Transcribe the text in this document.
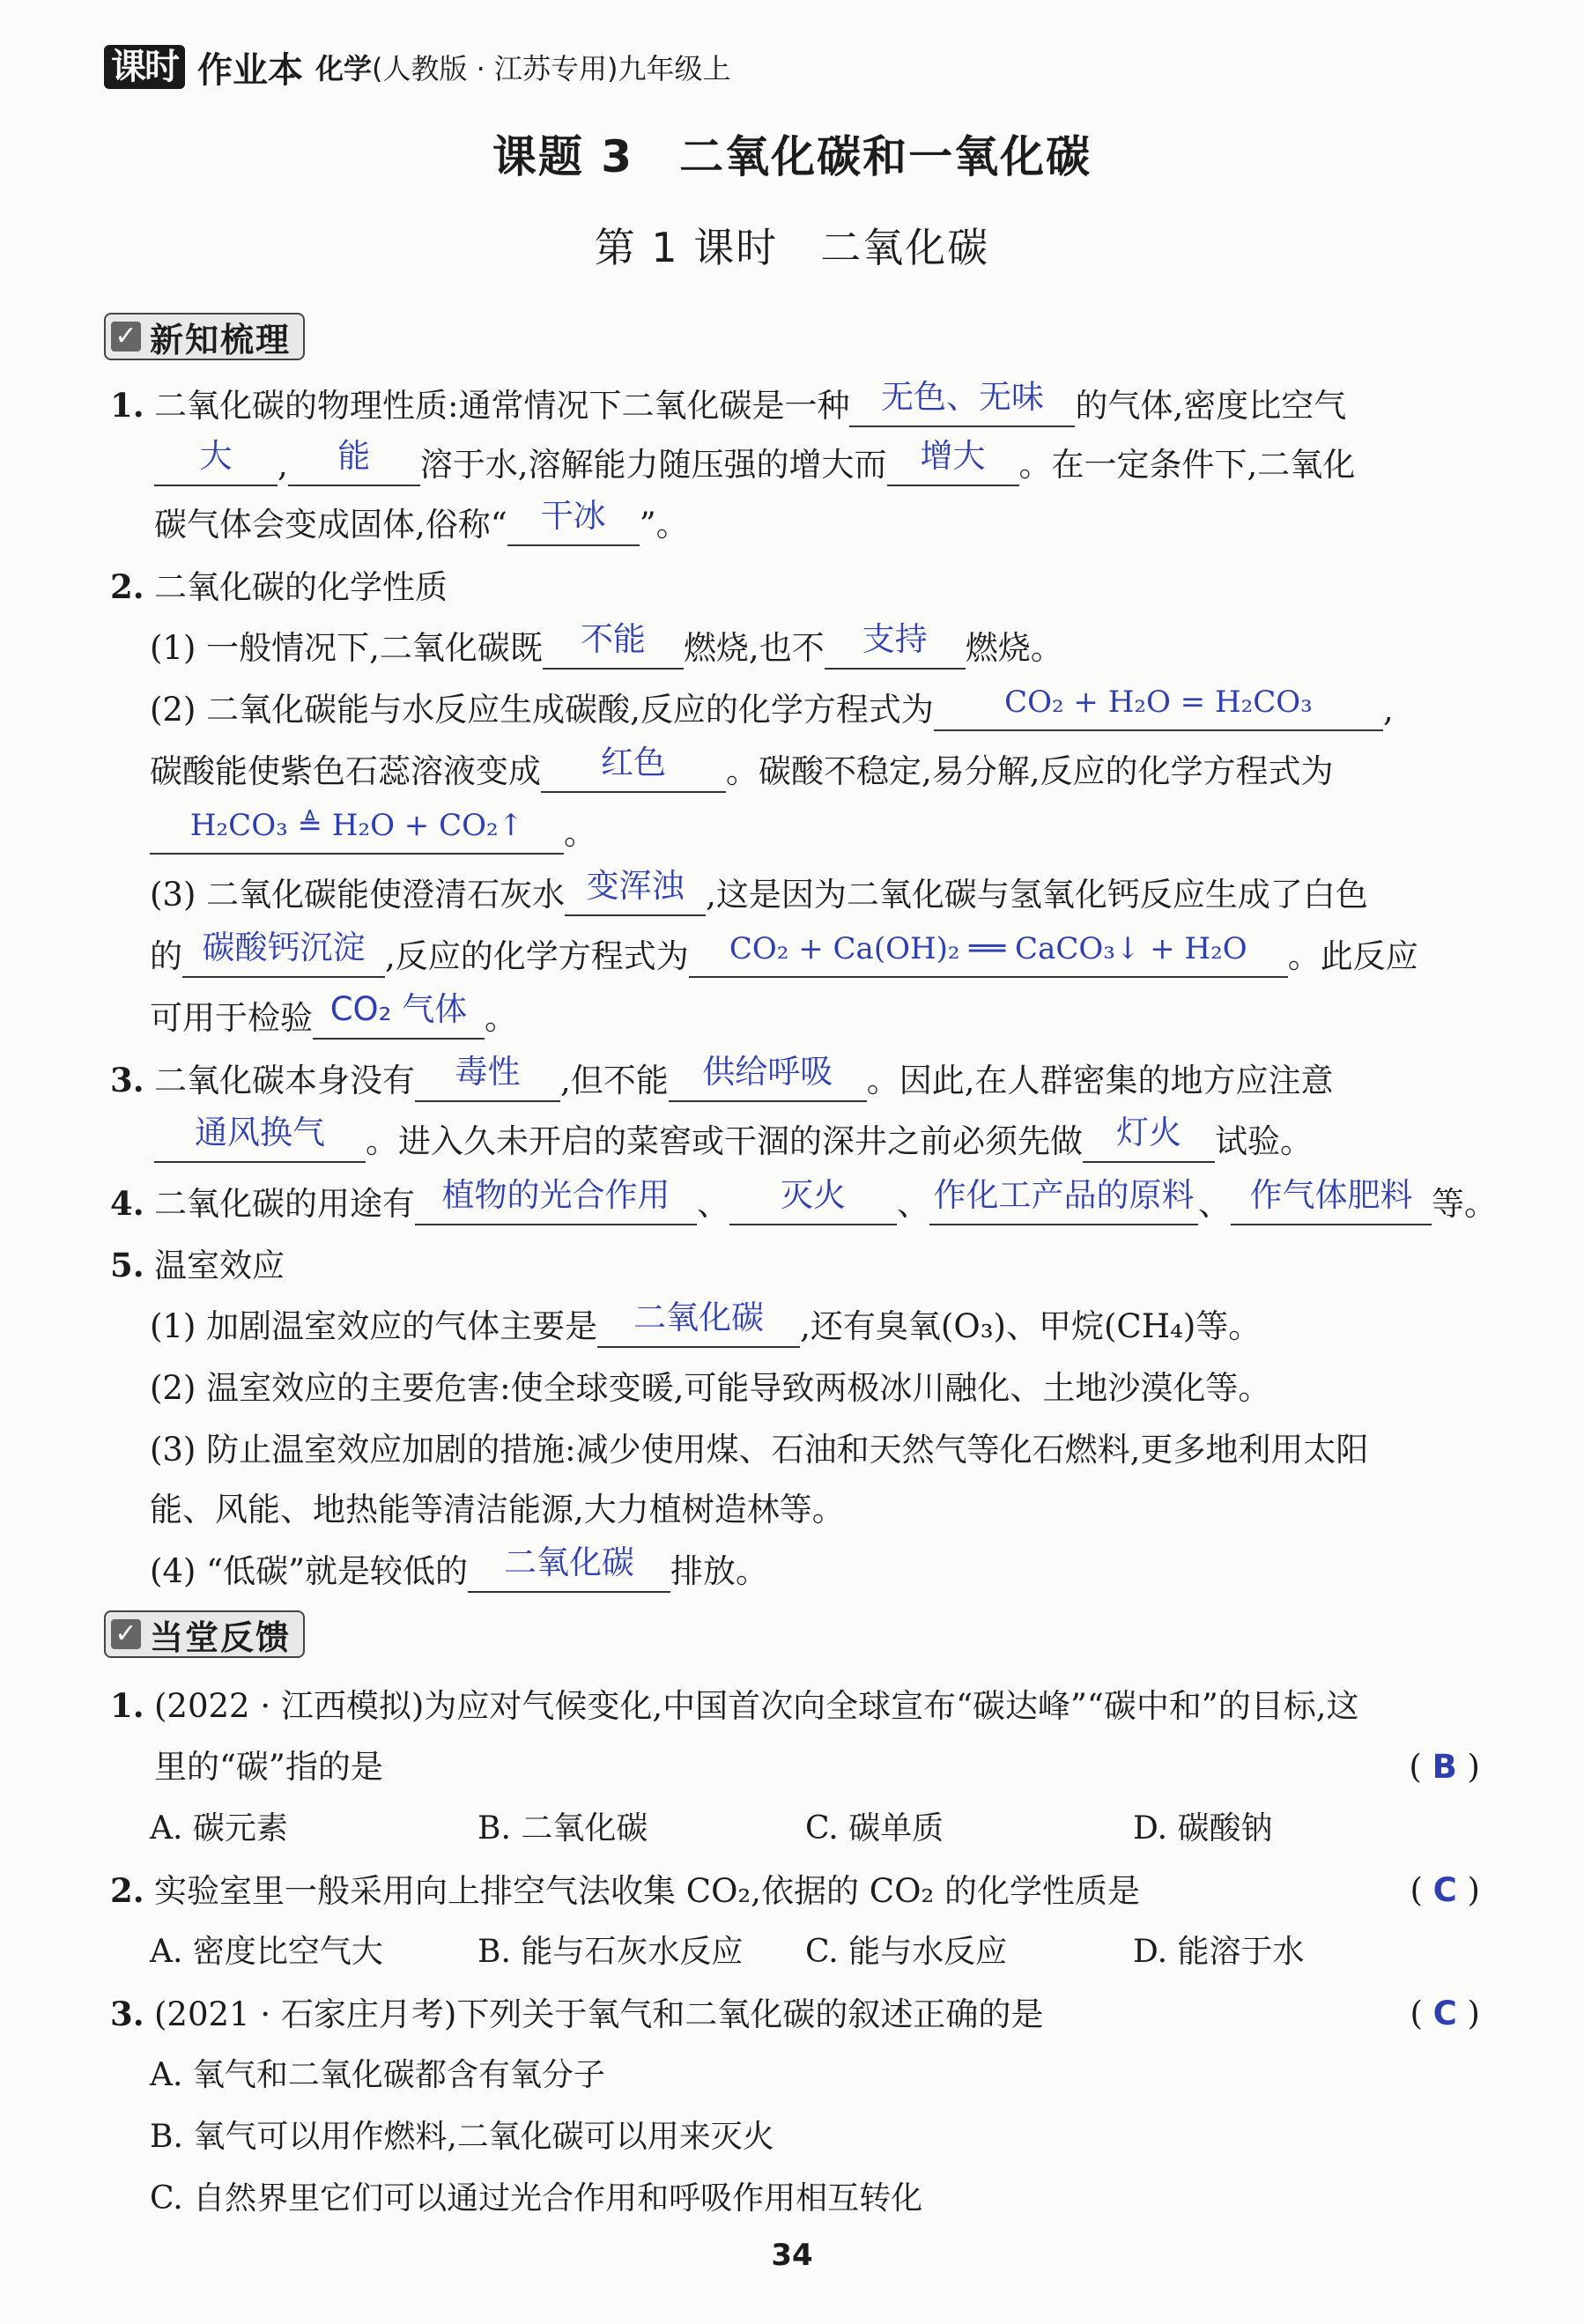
课时 作业本 化学(人教版 · 江苏专用)九年级上
课题 3　二氧化碳和一氧化碳
第 1 课时　二氧化碳
✓ 新知梳理
1. 二氧化碳的物理性质:通常情况下二氧化碳是一种 无色、无味 的气体,密度比空气
大 , 能 溶于水,溶解能力随压强的增大而 增大 。在一定条件下,二氧化
碳气体会变成固体,俗称“ 干冰 ”。
2. 二氧化碳的化学性质
(1) 一般情况下,二氧化碳既 不能 燃烧,也不 支持 燃烧。
(2) 二氧化碳能与水反应生成碳酸,反应的化学方程式为 CO₂ + H₂O = H₂CO₃ ,
碳酸能使紫色石蕊溶液变成 红色 。碳酸不稳定,易分解,反应的化学方程式为
H₂CO₃ ≜ H₂O + CO₂↑ 。
(3) 二氧化碳能使澄清石灰水 变浑浊 ,这是因为二氧化碳与氢氧化钙反应生成了白色
的 碳酸钙沉淀 ,反应的化学方程式为 CO₂ + Ca(OH)₂ ══ CaCO₃↓ + H₂O 。此反应
可用于检验 CO₂ 气体 。
3. 二氧化碳本身没有 毒性 ,但不能 供给呼吸 。因此,在人群密集的地方应注意
通风换气 。进入久未开启的菜窖或干涸的深井之前必须先做 灯火 试验。
4. 二氧化碳的用途有 植物的光合作用 、 灭火 、 作化工产品的原料 、 作气体肥料 等。
5. 温室效应
(1) 加剧温室效应的气体主要是 二氧化碳 ,还有臭氧(O₃)、甲烷(CH₄)等。
(2) 温室效应的主要危害:使全球变暖,可能导致两极冰川融化、土地沙漠化等。
(3) 防止温室效应加剧的措施:减少使用煤、石油和天然气等化石燃料,更多地利用太阳
能、风能、地热能等清洁能源,大力植树造林等。
(4) “低碳”就是较低的 二氧化碳 排放。
✓ 当堂反馈
1. (2022 · 江西模拟)为应对气候变化,中国首次向全球宣布“碳达峰”“碳中和”的目标,这
里的“碳”指的是	( B )
A. 碳元素	B. 二氧化碳	C. 碳单质	D. 碳酸钠
2. 实验室里一般采用向上排空气法收集 CO₂,依据的 CO₂ 的化学性质是	( C )
A. 密度比空气大	B. 能与石灰水反应 C. 能与水反应	D. 能溶于水
3. (2021 · 石家庄月考)下列关于氧气和二氧化碳的叙述正确的是	( C )
A. 氧气和二氧化碳都含有氧分子
B. 氧气可以用作燃料,二氧化碳可以用来灭火
C. 自然界里它们可以通过光合作用和呼吸作用相互转化
34
